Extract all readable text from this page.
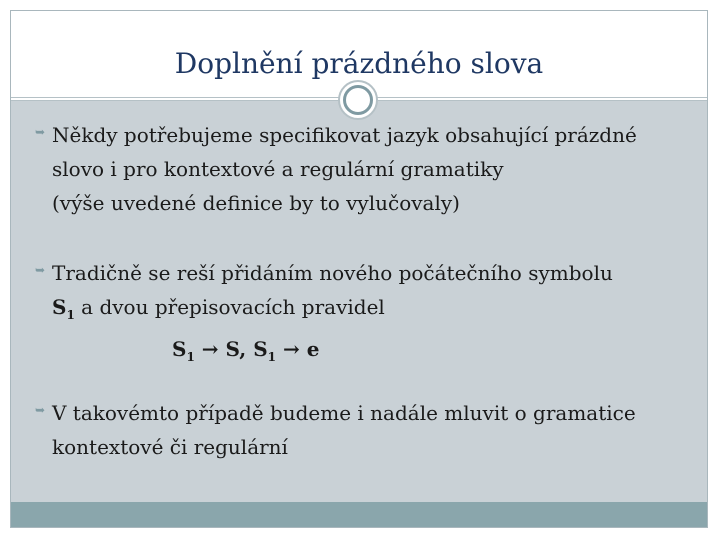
Doplnění prázdného slova
➥ Někdy potřebujeme specifikovat jazyk obsahující prázdné
slovo i pro kontextové a regulární gramatiky
(výše uvedené definice by to vylučovaly)
➥ Tradičně se reší přidáním nového počátečního symbolu
$S_1$ a dvou přepisovacích pravidel
$S_1 \to S$, $S_1 \to e$
➥ V takovémto případě budeme i nadále mluvit o gramatice
kontextové či regulární
